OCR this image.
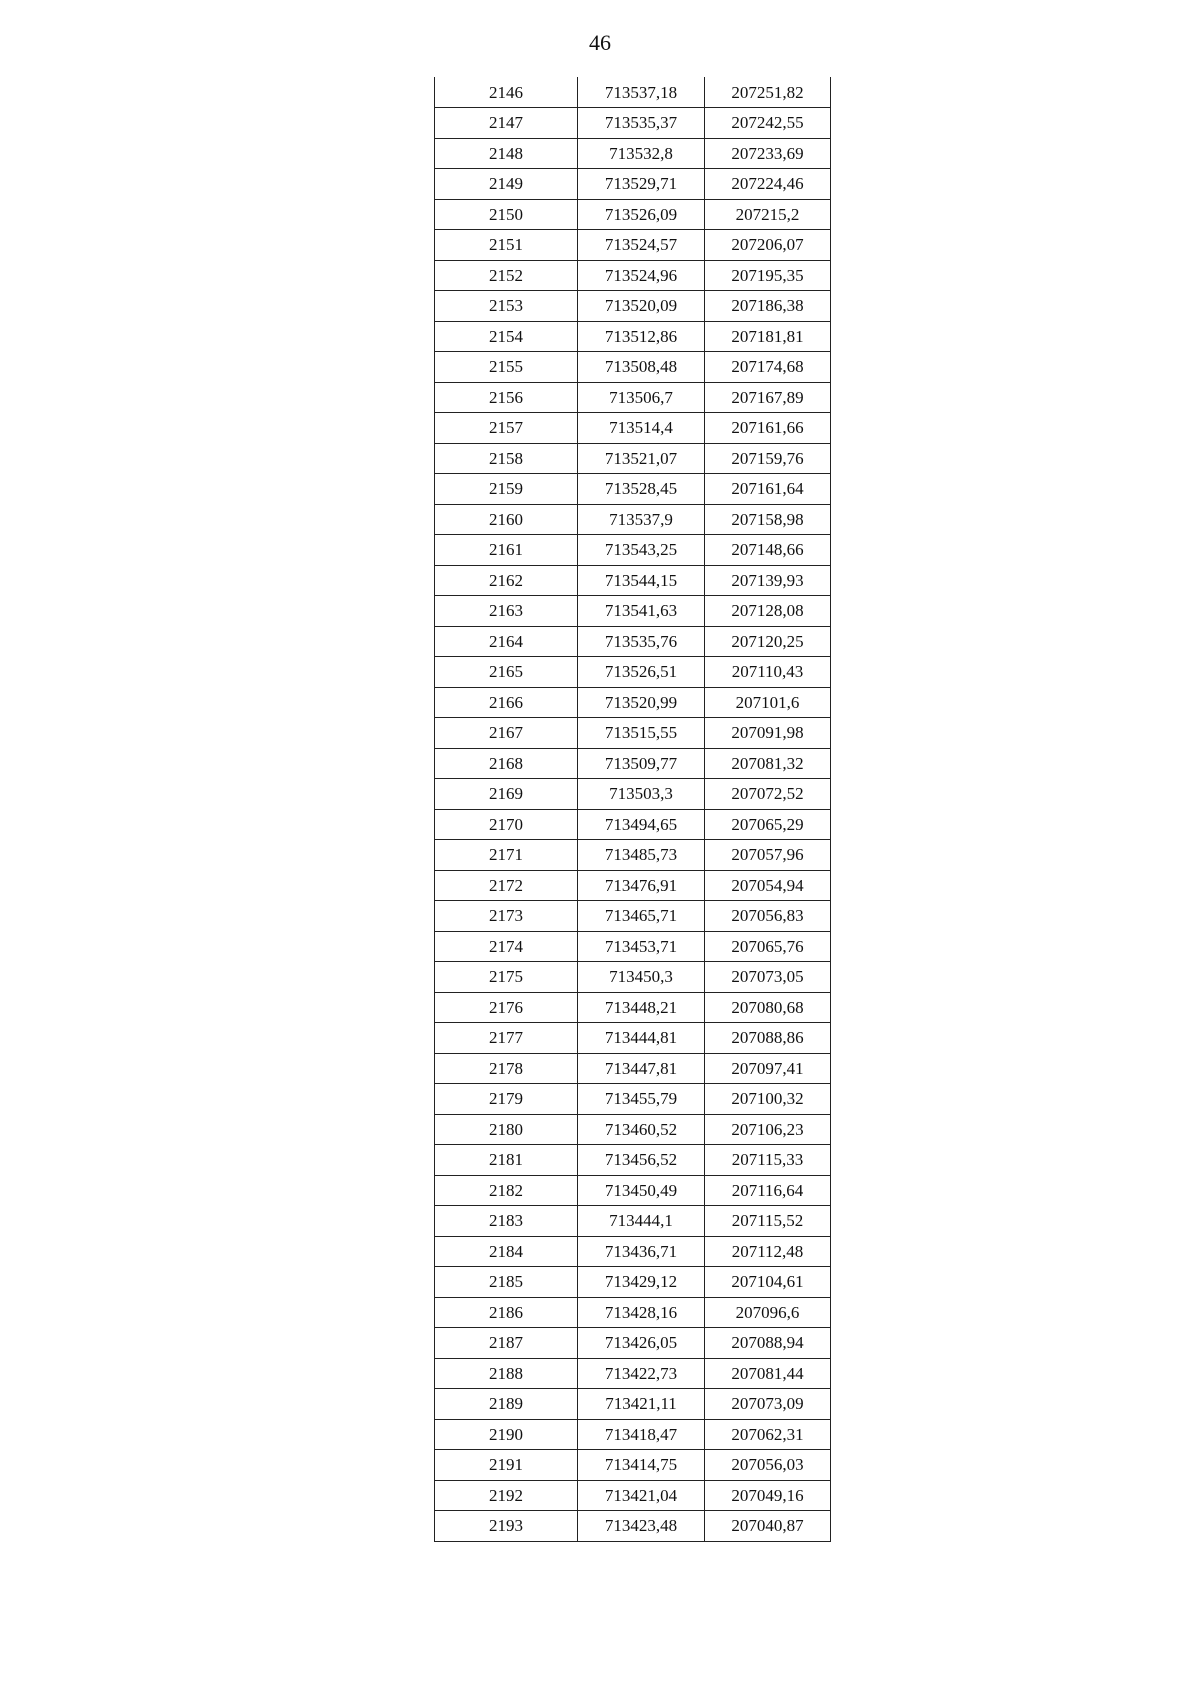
46
2146	713537,18	207251,82
2147	713535,37	207242,55
2148	713532,8	207233,69
2149	713529,71	207224,46
2150	713526,09	207215,2
2151	713524,57	207206,07
2152	713524,96	207195,35
2153	713520,09	207186,38
2154	713512,86	207181,81
2155	713508,48	207174,68
2156	713506,7	207167,89
2157	713514,4	207161,66
2158	713521,07	207159,76
2159	713528,45	207161,64
2160	713537,9	207158,98
2161	713543,25	207148,66
2162	713544,15	207139,93
2163	713541,63	207128,08
2164	713535,76	207120,25
2165	713526,51	207110,43
2166	713520,99	207101,6
2167	713515,55	207091,98
2168	713509,77	207081,32
2169	713503,3	207072,52
2170	713494,65	207065,29
2171	713485,73	207057,96
2172	713476,91	207054,94
2173	713465,71	207056,83
2174	713453,71	207065,76
2175	713450,3	207073,05
2176	713448,21	207080,68
2177	713444,81	207088,86
2178	713447,81	207097,41
2179	713455,79	207100,32
2180	713460,52	207106,23
2181	713456,52	207115,33
2182	713450,49	207116,64
2183	713444,1	207115,52
2184	713436,71	207112,48
2185	713429,12	207104,61
2186	713428,16	207096,6
2187	713426,05	207088,94
2188	713422,73	207081,44
2189	713421,11	207073,09
2190	713418,47	207062,31
2191	713414,75	207056,03
2192	713421,04	207049,16
2193	713423,48	207040,87
